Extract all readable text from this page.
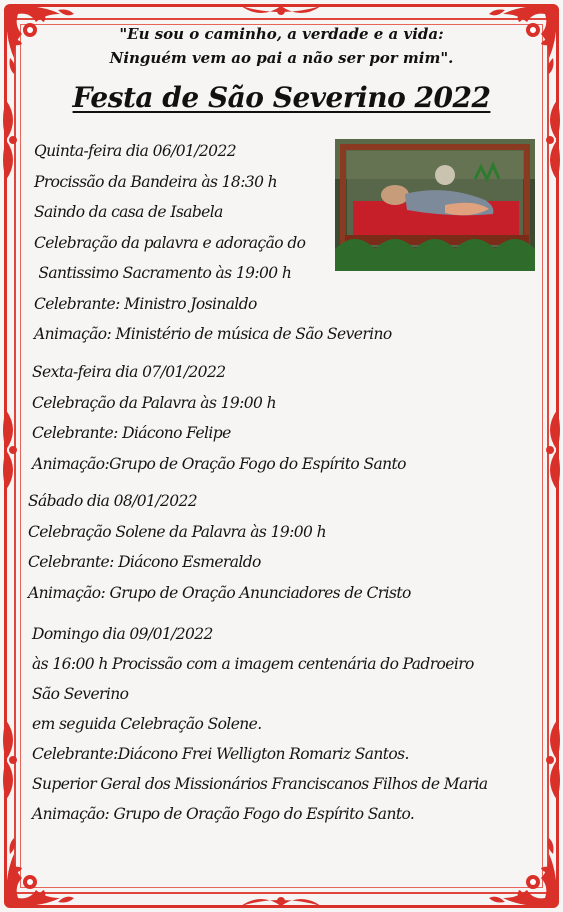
"Eu sou o caminho, a verdade e a vida:
Ninguém vem ao pai a não ser por mim".
Festa de São Severino 2022
Quinta-feira dia 06/01/2022
Procissão da Bandeira às 18:30 h
Saindo da casa de Isabela
Celebração da palavra e adoração do
Santissimo Sacramento às 19:00 h
Celebrante: Ministro Josinaldo
Animação: Ministério de música de São Severino
Sexta-feira dia 07/01/2022
Celebração da Palavra às 19:00 h
Celebrante: Diácono Felipe
Animação:Grupo de Oração Fogo do Espírito Santo
Sábado dia 08/01/2022
Celebração Solene da Palavra às 19:00 h
Celebrante: Diácono Esmeraldo
Animação: Grupo de Oração Anunciadores de Cristo
Domingo dia 09/01/2022
às 16:00 h Procissão com a imagem centenária do Padroeiro
São Severino
em seguida Celebração Solene.
Celebrante:Diácono Frei Welligton Romariz Santos.
Superior Geral dos Missionários Franciscanos Filhos de Maria
Animação: Grupo de Oração Fogo do Espírito Santo.
